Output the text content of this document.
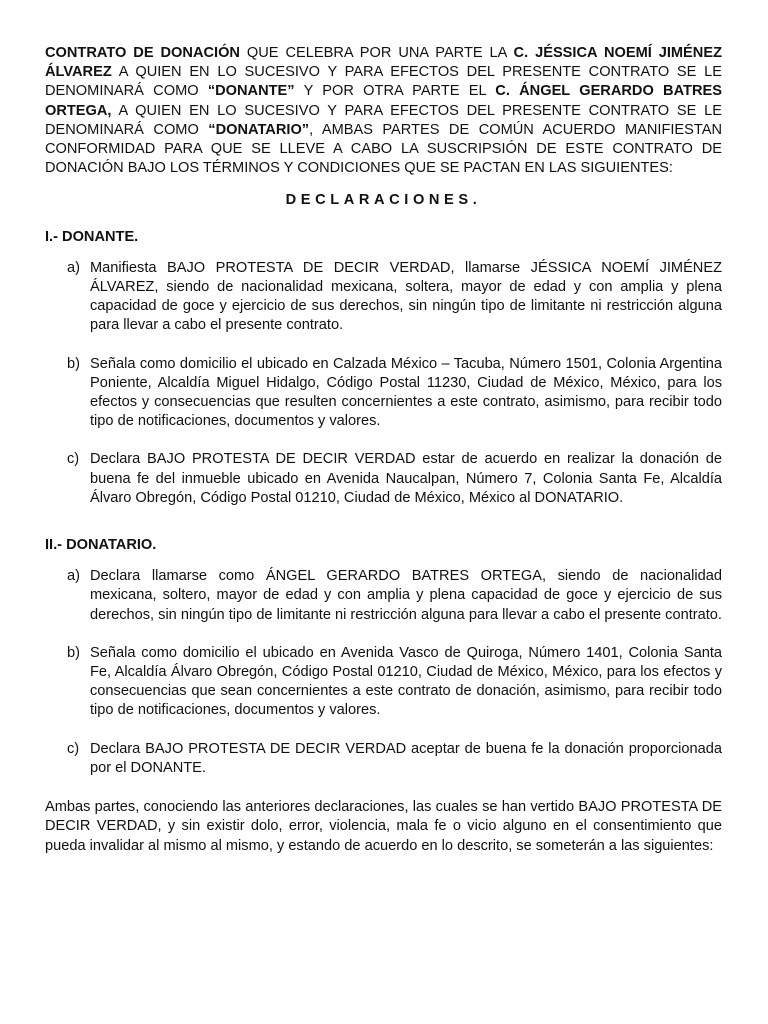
CONTRATO DE DONACIÓN QUE CELEBRA POR UNA PARTE LA C. JÉSSICA NOEMÍ JIMÉNEZ ÁLVAREZ A QUIEN EN LO SUCESIVO Y PARA EFECTOS DEL PRESENTE CONTRATO SE LE DENOMINARÁ COMO “DONANTE” Y POR OTRA PARTE EL C. ÁNGEL GERARDO BATRES ORTEGA, A QUIEN EN LO SUCESIVO Y PARA EFECTOS DEL PRESENTE CONTRATO SE LE DENOMINARÁ COMO “DONATARIO”, AMBAS PARTES DE COMÚN ACUERDO MANIFIESTAN CONFORMIDAD PARA QUE SE LLEVE A CABO LA SUSCRIPSIÓN DE ESTE CONTRATO DE DONACIÓN BAJO LOS TÉRMINOS Y CONDICIONES QUE SE PACTAN EN LAS SIGUIENTES:

DECLARACIONES.

I.- DONANTE.

a) Manifiesta BAJO PROTESTA DE DECIR VERDAD, llamarse JÉSSICA NOEMÍ JIMÉNEZ ÁLVAREZ, siendo de nacionalidad mexicana, soltera, mayor de edad y con amplia y plena capacidad de goce y ejercicio de sus derechos, sin ningún tipo de limitante ni restricción alguna para llevar a cabo el presente contrato.
b) Señala como domicilio el ubicado en Calzada México – Tacuba, Número 1501, Colonia Argentina Poniente, Alcaldía Miguel Hidalgo, Código Postal 11230, Ciudad de México, México, para los efectos y consecuencias que resulten concernientes a este contrato, asimismo, para recibir todo tipo de notificaciones, documentos y valores.
c) Declara BAJO PROTESTA DE DECIR VERDAD estar de acuerdo en realizar la donación de buena fe del inmueble ubicado en Avenida Naucalpan, Número 7, Colonia Santa Fe, Alcaldía Álvaro Obregón, Código Postal 01210, Ciudad de México, México al DONATARIO.

II.- DONATARIO.

a) Declara llamarse como ÁNGEL GERARDO BATRES ORTEGA, siendo de nacionalidad mexicana, soltero, mayor de edad y con amplia y plena capacidad de goce y ejercicio de sus derechos, sin ningún tipo de limitante ni restricción alguna para llevar a cabo el presente contrato.
b) Señala como domicilio el ubicado en Avenida Vasco de Quiroga, Número 1401, Colonia Santa Fe, Alcaldía Álvaro Obregón, Código Postal 01210, Ciudad de México, México, para los efectos y consecuencias que sean concernientes a este contrato de donación, asimismo, para recibir todo tipo de notificaciones, documentos y valores.
c) Declara BAJO PROTESTA DE DECIR VERDAD aceptar de buena fe la donación proporcionada por el DONANTE.

Ambas partes, conociendo las anteriores declaraciones, las cuales se han vertido BAJO PROTESTA DE DECIR VERDAD, y sin existir dolo, error, violencia, mala fe o vicio alguno en el consentimiento que pueda invalidar al mismo al mismo, y estando de acuerdo en lo descrito, se someterán a las siguientes:
